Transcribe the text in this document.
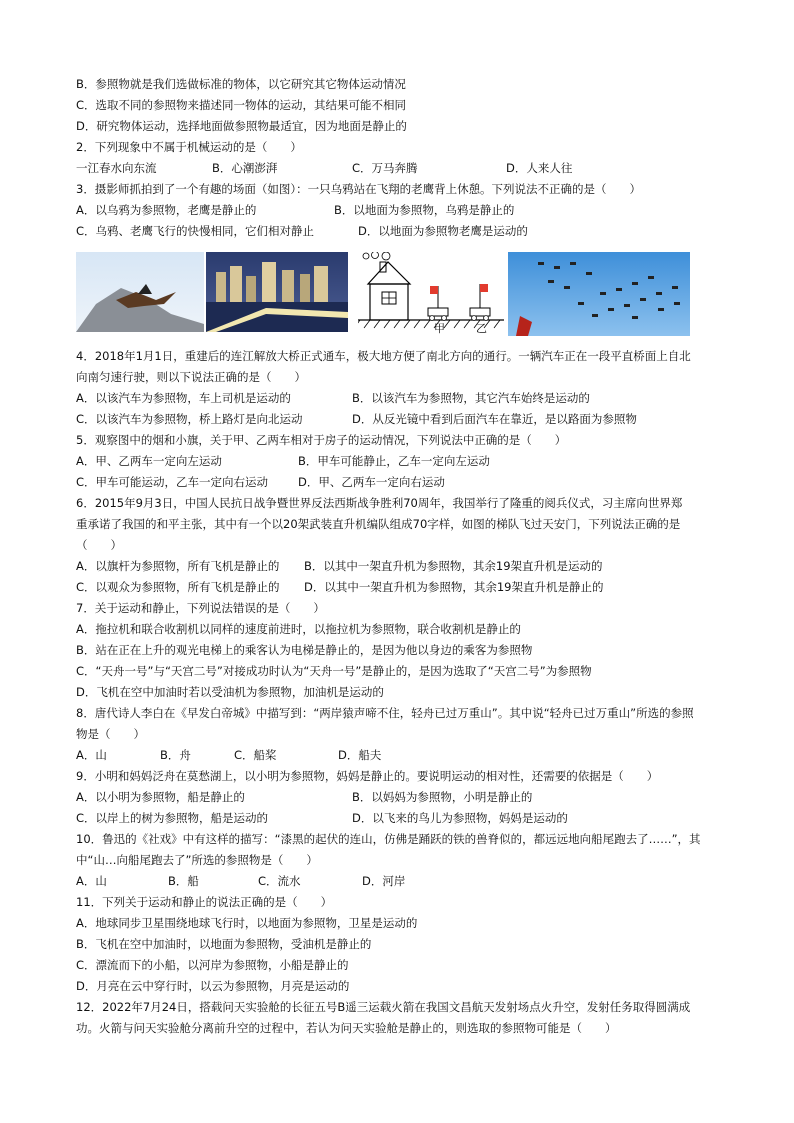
B．参照物就是我们选做标准的物体，以它研究其它物体运动情况
C．选取不同的参照物来描述同一物体的运动，其结果可能不相同
D．研究物体运动，选择地面做参照物最适宜，因为地面是静止的
2．下列现象中不属于机械运动的是（　　）
一江春水向东流	B．心潮澎湃	C．万马奔腾	D．人来人往
3．摄影师抓拍到了一个有趣的场面（如图）：一只乌鸦站在飞翔的老鹰背上休憩。下列说法不正确的是（　　）
A．以乌鸦为参照物，老鹰是静止的	B．以地面为参照物，乌鸦是静止的
C．乌鸦、老鹰飞行的快慢相同，它们相对静止	D．以地面为参照物老鹰是运动的
甲	乙
4．2018年1月1日，重建后的连江解放大桥正式通车，极大地方便了南北方向的通行。一辆汽车正在一段平直桥面上自北
向南匀速行驶，则以下说法正确的是（　　）
A．以该汽车为参照物，车上司机是运动的	B．以该汽车为参照物，其它汽车始终是运动的
C．以该汽车为参照物，桥上路灯是向北运动	D．从反光镜中看到后面汽车在靠近，是以路面为参照物
5．观察图中的烟和小旗，关于甲、乙两车相对于房子的运动情况，下列说法中正确的是（　　）
A．甲、乙两车一定向左运动	B．甲车可能静止，乙车一定向左运动
C．甲车可能运动，乙车一定向右运动	D．甲、乙两车一定向右运动
6．2015年9月3日，中国人民抗日战争暨世界反法西斯战争胜利70周年，我国举行了隆重的阅兵仪式，习主席向世界郑
重承诺了我国的和平主张，其中有一个以20架武装直升机编队组成70字样，如图的梯队飞过天安门，下列说法正确的是
（　　）
A．以旗杆为参照物，所有飞机是静止的 B．以其中一架直升机为参照物，其余19架直升机是运动的
C．以观众为参照物，所有飞机是静止的 D．以其中一架直升机为参照物，其余19架直升机是静止的
7．关于运动和静止，下列说法错误的是（　　）
A．拖拉机和联合收割机以同样的速度前进时，以拖拉机为参照物，联合收割机是静止的
B．站在正在上升的观光电梯上的乘客认为电梯是静止的，是因为他以身边的乘客为参照物
C．“天舟一号”与“天宫二号”对接成功时认为“天舟一号”是静止的，是因为选取了“天宫二号”为参照物
D．飞机在空中加油时若以受油机为参照物，加油机是运动的
8．唐代诗人李白在《早发白帝城》中描写到：“两岸猿声啼不住，轻舟已过万重山”。其中说“轻舟已过万重山”所选的参照
物是（　　）
A．山	B．舟	C．船桨	D．船夫
9．小明和妈妈泛舟在莫愁湖上，以小明为参照物，妈妈是静止的。要说明运动的相对性，还需要的依据是（　　）
A．以小明为参照物，船是静止的	B．以妈妈为参照物，小明是静止的
C．以岸上的树为参照物，船是运动的	D．以飞来的鸟儿为参照物，妈妈是运动的
10．鲁迅的《社戏》中有这样的描写：“漆黑的起伏的连山，仿佛是踊跃的铁的兽脊似的，都远远地向船尾跑去了……”，其
中“山…向船尾跑去了”所选的参照物是（　　）
A．山	B．船	C．流水	D．河岸
11．下列关于运动和静止的说法正确的是（　　）
A．地球同步卫星围绕地球飞行时，以地面为参照物，卫星是运动的
B．飞机在空中加油时，以地面为参照物，受油机是静止的
C．漂流而下的小船，以河岸为参照物，小船是静止的
D．月亮在云中穿行时，以云为参照物，月亮是运动的
12．2022年7月24日，搭载问天实验舱的长征五号B遥三运载火箭在我国文昌航天发射场点火升空，发射任务取得圆满成
功。火箭与问天实验舱分离前升空的过程中，若认为问天实验舱是静止的，则选取的参照物可能是（　　）
